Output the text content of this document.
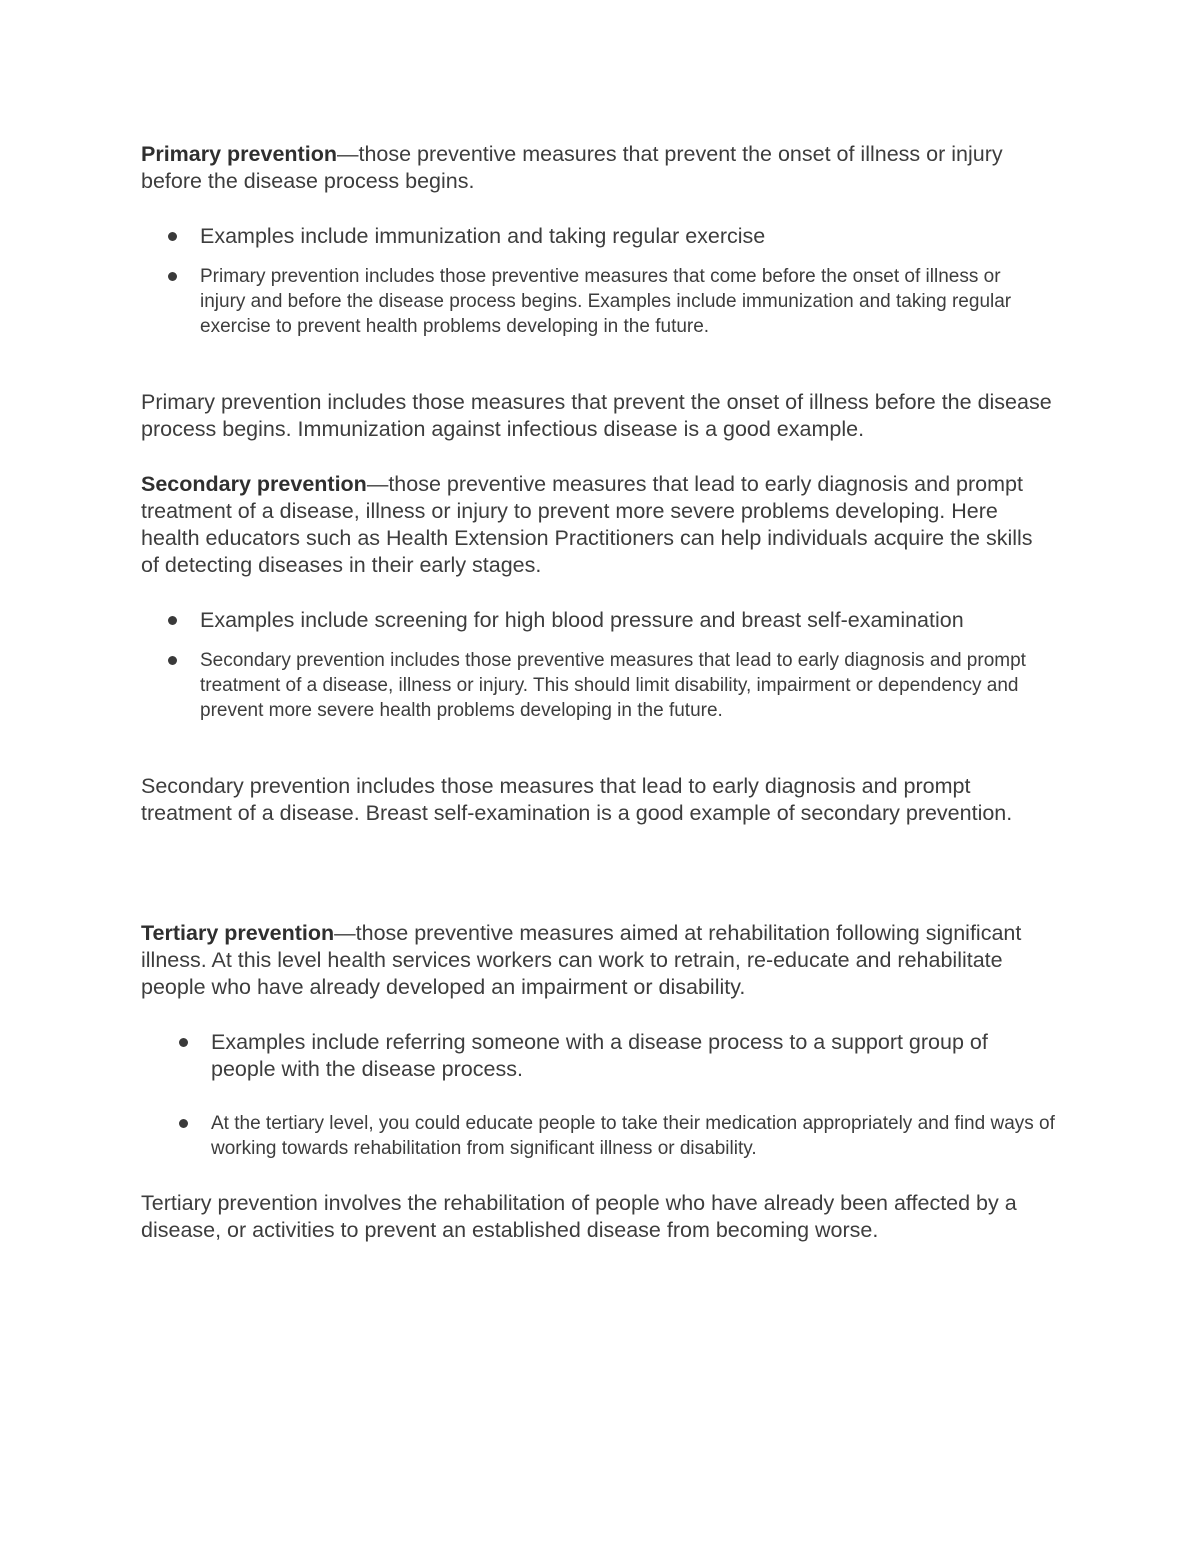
Primary prevention—those preventive measures that prevent the onset of illness or injury before the disease process begins.

Examples include immunization and taking regular exercise
Primary prevention includes those preventive measures that come before the onset of illness or injury and before the disease process begins. Examples include immunization and taking regular exercise to prevent health problems developing in the future.

Primary prevention includes those measures that prevent the onset of illness before the disease process begins. Immunization against infectious disease is a good example.

Secondary prevention—those preventive measures that lead to early diagnosis and prompt treatment of a disease, illness or injury to prevent more severe problems developing. Here health educators such as Health Extension Practitioners can help individuals acquire the skills of detecting diseases in their early stages.

Examples include screening for high blood pressure and breast self-examination
Secondary prevention includes those preventive measures that lead to early diagnosis and prompt treatment of a disease, illness or injury. This should limit disability, impairment or dependency and prevent more severe health problems developing in the future.

Secondary prevention includes those measures that lead to early diagnosis and prompt treatment of a disease. Breast self-examination is a good example of secondary prevention.

Tertiary prevention—those preventive measures aimed at rehabilitation following significant illness. At this level health services workers can work to retrain, re-educate and rehabilitate people who have already developed an impairment or disability.

Examples include referring someone with a disease process to a support group of people with the disease process.
At the tertiary level, you could educate people to take their medication appropriately and find ways of working towards rehabilitation from significant illness or disability.

Tertiary prevention involves the rehabilitation of people who have already been affected by a disease, or activities to prevent an established disease from becoming worse.
